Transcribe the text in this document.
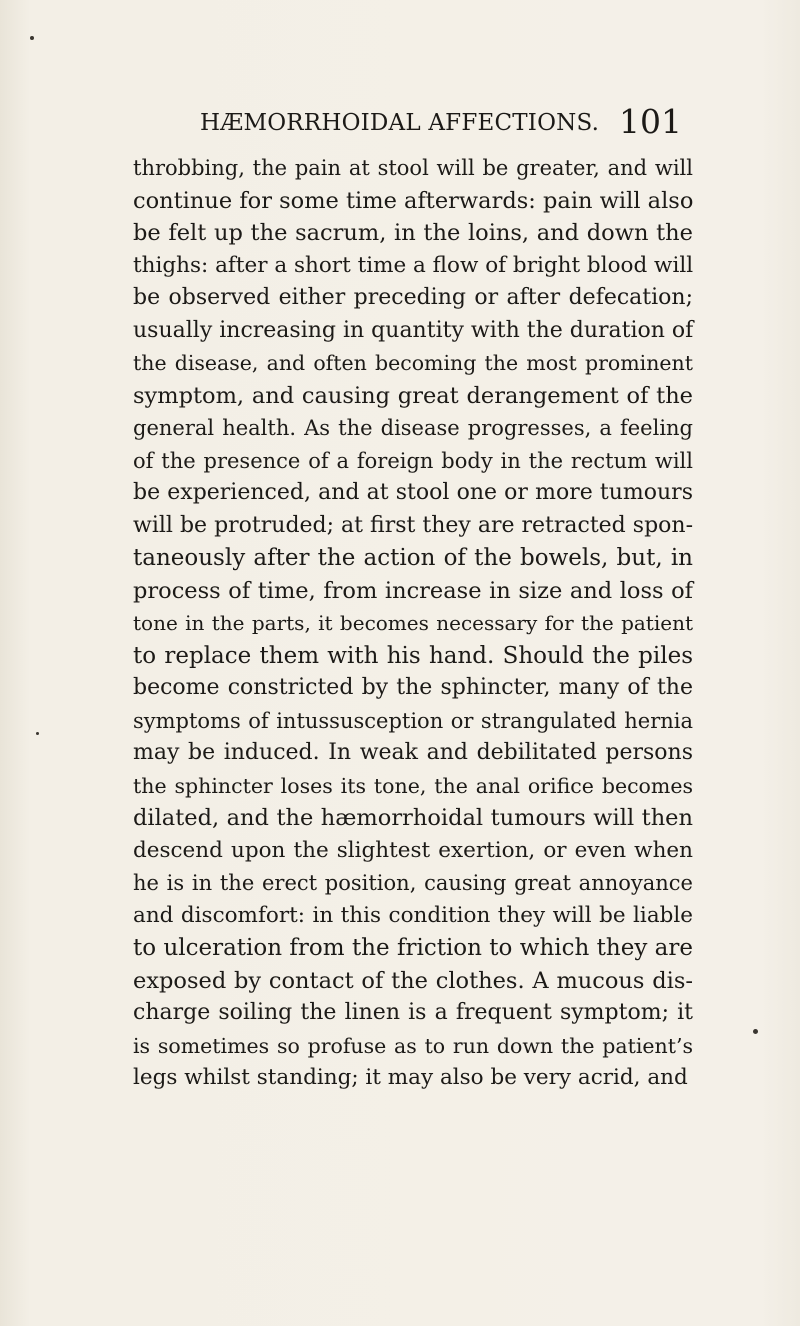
HÆMORRHOIDAL AFFECTIONS. 101
throbbing, the pain at stool will be greater, and will
continue for some time afterwards: pain will also
be felt up the sacrum, in the loins, and down the
thighs: after a short time a flow of bright blood will
be observed either preceding or after defecation;
usually increasing in quantity with the duration of
the disease, and often becoming the most prominent
symptom, and causing great derangement of the
general health. As the disease progresses, a feeling
of the presence of a foreign body in the rectum will
be experienced, and at stool one or more tumours
will be protruded; at first they are retracted spon-
taneously after the action of the bowels, but, in
process of time, from increase in size and loss of
tone in the parts, it becomes necessary for the patient
to replace them with his hand. Should the piles
become constricted by the sphincter, many of the
symptoms of intussusception or strangulated hernia
may be induced. In weak and debilitated persons
the sphincter loses its tone, the anal orifice becomes
dilated, and the hæmorrhoidal tumours will then
descend upon the slightest exertion, or even when
he is in the erect position, causing great annoyance
and discomfort: in this condition they will be liable
to ulceration from the friction to which they are
exposed by contact of the clothes. A mucous dis-
charge soiling the linen is a frequent symptom; it
is sometimes so profuse as to run down the patient’s
legs whilst standing; it may also be very acrid, and
